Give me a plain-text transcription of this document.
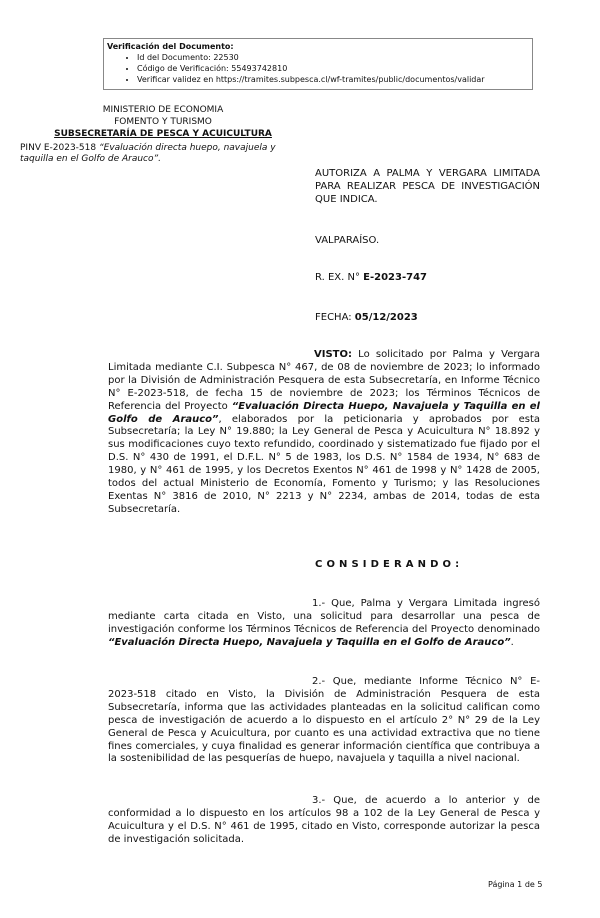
Verificación del Documento:
• Id del Documento: 22530
• Código de Verificación: 55493742810
• Verificar validez en https://tramites.subpesca.cl/wf-tramites/public/documentos/validar
MINISTERIO DE ECONOMIA
FOMENTO Y TURISMO
SUBSECRETARÍA DE PESCA Y ACUICULTURA
PINV E-2023-518 “Evaluación directa huepo, navajuela y taquilla en el Golfo de Arauco”.
AUTORIZA A PALMA Y VERGARA LIMITADA PARA REALIZAR PESCA DE INVESTIGACIÓN QUE INDICA.
VALPARAÍSO.
R. EX. N° E-2023-747
FECHA: 05/12/2023
VISTO: Lo solicitado por Palma y Vergara Limitada mediante C.I. Subpesca N° 467, de 08 de noviembre de 2023; lo informado por la División de Administración Pesquera de esta Subsecretaría, en Informe Técnico N° E-2023-518, de fecha 15 de noviembre de 2023; los Términos Técnicos de Referencia del Proyecto “Evaluación Directa Huepo, Navajuela y Taquilla en el Golfo de Arauco”, elaborados por la peticionaria y aprobados por esta Subsecretaría; la Ley N° 19.880; la Ley General de Pesca y Acuicultura N° 18.892 y sus modificaciones cuyo texto refundido, coordinado y sistematizado fue fijado por el D.S. N° 430 de 1991, el D.F.L. N° 5 de 1983, los D.S. N° 1584 de 1934, N° 683 de 1980, y N° 461 de 1995, y los Decretos Exentos N° 461 de 1998 y N° 1428 de 2005, todos del actual Ministerio de Economía, Fomento y Turismo; y las Resoluciones Exentas N° 3816 de 2010, N° 2213 y N° 2234, ambas de 2014, todas de esta Subsecretaría.
CONSIDERANDO:
1.- Que, Palma y Vergara Limitada ingresó mediante carta citada en Visto, una solicitud para desarrollar una pesca de investigación conforme los Términos Técnicos de Referencia del Proyecto denominado “Evaluación Directa Huepo, Navajuela y Taquilla en el Golfo de Arauco”.
2.- Que, mediante Informe Técnico N° E-2023-518 citado en Visto, la División de Administración Pesquera de esta Subsecretaría, informa que las actividades planteadas en la solicitud califican como pesca de investigación de acuerdo a lo dispuesto en el artículo 2° N° 29 de la Ley General de Pesca y Acuicultura, por cuanto es una actividad extractiva que no tiene fines comerciales, y cuya finalidad es generar información científica que contribuya a la sostenibilidad de las pesquerías de huepo, navajuela y taquilla a nivel nacional.
3.- Que, de acuerdo a lo anterior y de conformidad a lo dispuesto en los artículos 98 a 102 de la Ley General de Pesca y Acuicultura y el D.S. N° 461 de 1995, citado en Visto, corresponde autorizar la pesca de investigación solicitada.
Página 1 de 5
